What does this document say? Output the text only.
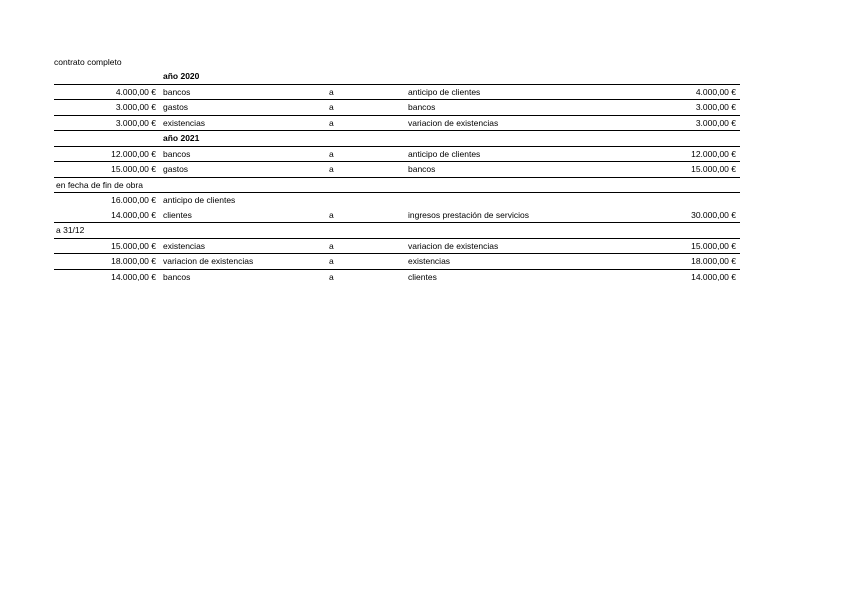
contrato completo
año 2020
4.000,00 € bancos	a	anticipo de clientes	4.000,00 €
3.000,00 € gastos	a	bancos	3.000,00 €
3.000,00 € existencias	a	variacion de existencias	3.000,00 €
año 2021
12.000,00 € bancos	a	anticipo de clientes	12.000,00 €
15.000,00 € gastos	a	bancos	15.000,00 €
en fecha de fin de obra
16.000,00 € anticipo de clientes
14.000,00 € clientes	a	ingresos prestación de servicios	30.000,00 €
a 31/12
15.000,00 € existencias	a	variacion de existencias	15.000,00 €
18.000,00 € variacion de existencias	a	existencias	18.000,00 €
14.000,00 € bancos	a	clientes	14.000,00 €
